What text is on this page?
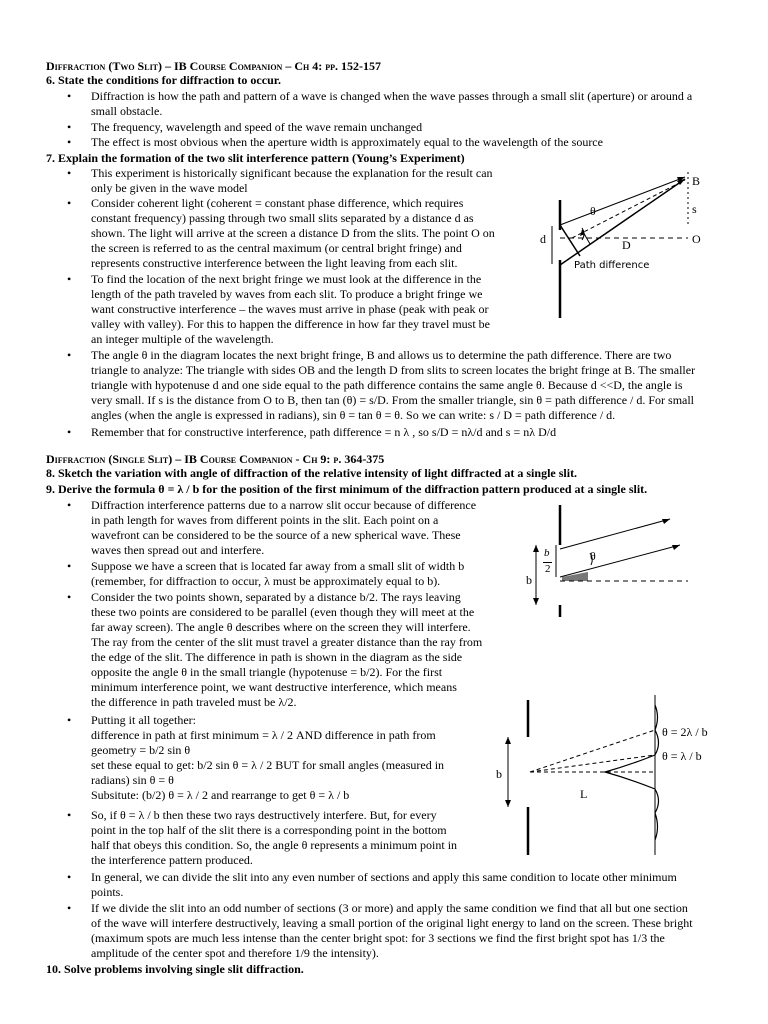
Diffraction (Two Slit) – IB Course Companion – Ch 4: pp. 152-157
6. State the conditions for diffraction to occur.
• Diffraction is how the path and pattern of a wave is changed when the wave passes through a small slit (aperture) or around a
small obstacle.
• The frequency, wavelength and speed of the wave remain unchanged
• The effect is most obvious when the aperture width is approximately equal to the wavelength of the source
7. Explain the formation of the two slit interference pattern (Young’s Experiment)
• This experiment is historically significant because the explanation for the result can
only be given in the wave model
• Consider coherent light (coherent = constant phase difference, which requires
constant frequency) passing through two small slits separated by a distance d as
shown. The light will arrive at the screen a distance D from the slits. The point O on
the screen is referred to as the central maximum (or central bright fringe) and
represents constructive interference between the light leaving from each slit.
• To find the location of the next bright fringe we must look at the difference in the
length of the path traveled by waves from each slit. To produce a bright fringe we
want constructive interference – the waves must arrive in phase (peak with peak or
valley with valley). For this to happen the difference in how far they travel must be
an integer multiple of the wavelength.
• The angle θ in the diagram locates the next bright fringe, B and allows us to determine the path difference. There are two
triangle to analyze: The triangle with sides OB and the length D from slits to screen locates the bright fringe at B. The smaller
triangle with hypotenuse d and one side equal to the path difference contains the same angle θ. Because d <<D, the angle is
very small. If s is the distance from O to B, then tan (θ) = s/D. From the smaller triangle, sin θ = path difference / d. For small
angles (when the angle is expressed in radians), sin θ = tan θ = θ. So we can write: s / D = path difference / d.
• Remember that for constructive interference, path difference = n λ , so s/D = nλ/d and s = nλ D/d
Diffraction (Single Slit) – IB Course Companion - Ch 9: p. 364-375
8. Sketch the variation with angle of diffraction of the relative intensity of light diffracted at a single slit.
9. Derive the formula θ = λ / b for the position of the first minimum of the diffraction pattern produced at a single slit.
• Diffraction interference patterns due to a narrow slit occur because of difference
in path length for waves from different points in the slit. Each point on a
wavefront can be considered to be the source of a new spherical wave. These
waves then spread out and interfere.
• Suppose we have a screen that is located far away from a small slit of width b
(remember, for diffraction to occur, λ must be approximately equal to b).
• Consider the two points shown, separated by a distance b/2. The rays leaving
these two points are considered to be parallel (even though they will meet at the
far away screen). The angle θ describes where on the screen they will interfere.
The ray from the center of the slit must travel a greater distance than the ray from
the edge of the slit. The difference in path is shown in the diagram as the side
opposite the angle θ in the small triangle (hypotenuse = b/2). For the first
minimum interference point, we want destructive interference, which means
the difference in path traveled must be λ/2.
• Putting it all together:
difference in path at first minimum = λ / 2 AND difference in path from
geometry = b/2 sin θ
set these equal to get: b/2 sin θ = λ / 2 BUT for small angles (measured in
radians) sin θ = θ
Subsitute: (b/2) θ = λ / 2 and rearrange to get θ = λ / b
• So, if θ = λ / b then these two rays destructively interfere. But, for every
point in the top half of the slit there is a corresponding point in the bottom
half that obeys this condition. So, the angle θ represents a minimum point in
the interference pattern produced.
• In general, we can divide the slit into any even number of sections and apply this same condition to locate other minimum
points.
• If we divide the slit into an odd number of sections (3 or more) and apply the same condition we find that all but one section
of the wave will interfere destructively, leaving a small portion of the original light energy to land on the screen. These bright
(maximum spots are much less intense than the center bright spot: for 3 sections we find the first bright spot has 1/3 the
amplitude of the center spot and therefore 1/9 the intensity).
10. Solve problems involving single slit diffraction.
B
s
O
d	D
θ
Path difference
b
2
b
θ
b
L
θ = 2λ / b
θ = λ / b
